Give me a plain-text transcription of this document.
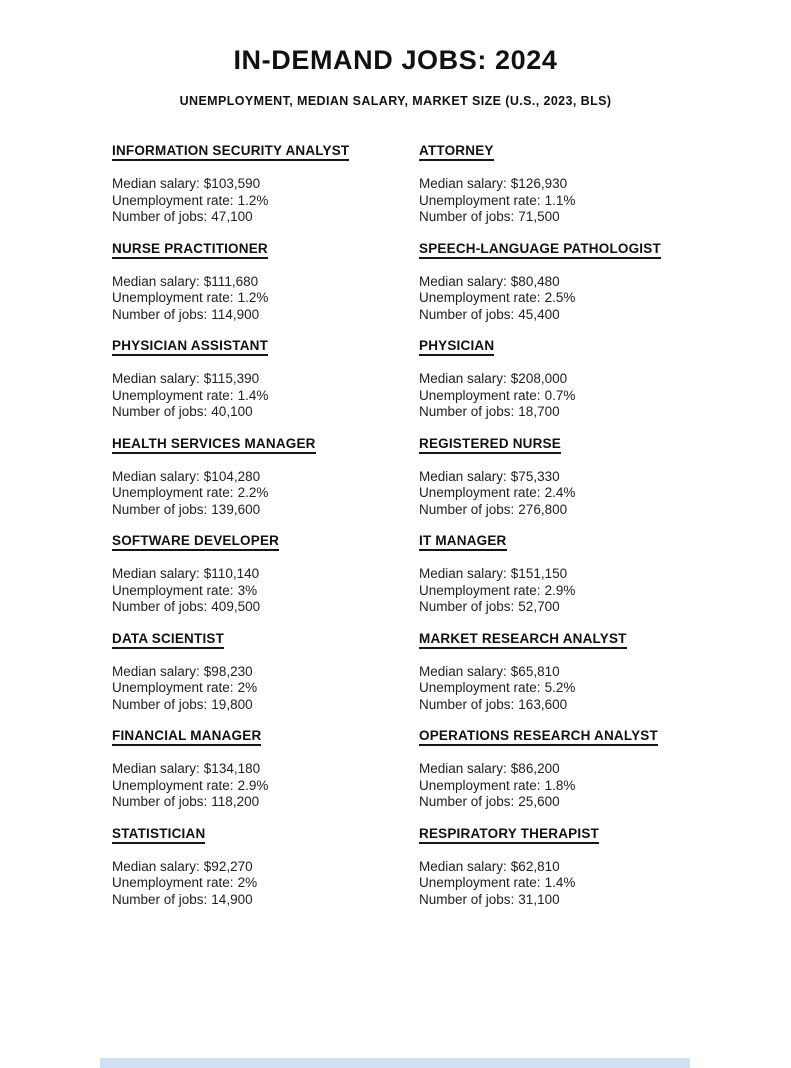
IN-DEMAND JOBS: 2024
UNEMPLOYMENT, MEDIAN SALARY, MARKET SIZE (U.S., 2023, BLS)
INFORMATION SECURITY ANALYST

Median salary: $103,590

Unemployment rate: 1.2%

Number of jobs: 47,100

ATTORNEY

Median salary: $126,930

Unemployment rate: 1.1%

Number of jobs: 71,500

NURSE PRACTITIONER

Median salary: $111,680

Unemployment rate: 1.2%

Number of jobs: 114,900

SPEECH-LANGUAGE PATHOLOGIST

Median salary: $80,480

Unemployment rate: 2.5%

Number of jobs: 45,400

PHYSICIAN ASSISTANT

Median salary: $115,390

Unemployment rate: 1.4%

Number of jobs: 40,100

PHYSICIAN

Median salary: $208,000

Unemployment rate: 0.7%

Number of jobs: 18,700

HEALTH SERVICES MANAGER

Median salary: $104,280

Unemployment rate: 2.2%

Number of jobs: 139,600

REGISTERED NURSE

Median salary: $75,330

Unemployment rate: 2.4%

Number of jobs: 276,800

SOFTWARE DEVELOPER

Median salary: $110,140

Unemployment rate: 3%

Number of jobs: 409,500

IT MANAGER

Median salary: $151,150

Unemployment rate: 2.9%

Number of jobs: 52,700

DATA SCIENTIST

Median salary: $98,230

Unemployment rate: 2%

Number of jobs: 19,800

MARKET RESEARCH ANALYST

Median salary: $65,810

Unemployment rate: 5.2%

Number of jobs: 163,600

FINANCIAL MANAGER

Median salary: $134,180

Unemployment rate: 2.9%

Number of jobs: 118,200

OPERATIONS RESEARCH ANALYST

Median salary: $86,200

Unemployment rate: 1.8%

Number of jobs: 25,600

STATISTICIAN

Median salary: $92,270

Unemployment rate: 2%

Number of jobs: 14,900

RESPIRATORY THERAPIST

Median salary: $62,810

Unemployment rate: 1.4%

Number of jobs: 31,100
